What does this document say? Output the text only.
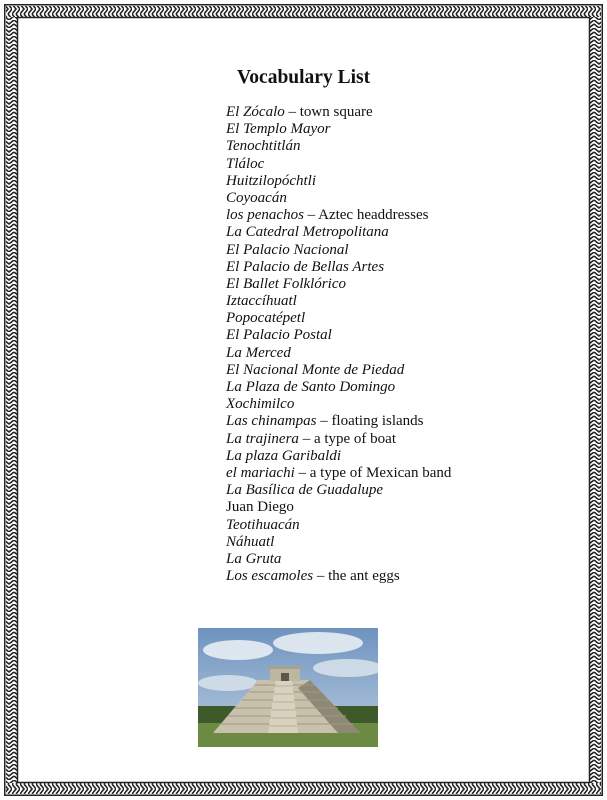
Vocabulary List
El Zócalo – town square
El Templo Mayor
Tenochtitlán
Tláloc
Huitzilopóchtli
Coyoacán
los penachos – Aztec headdresses
La Catedral Metropolitana
El Palacio Nacional
El Palacio de Bellas Artes
El Ballet Folklórico
Iztaccíhuatl
Popocatépetl
El Palacio Postal
La Merced
El Nacional Monte de Piedad
La Plaza de Santo Domingo
Xochimilco
Las chinampas – floating islands
La trajinera – a type of boat
La plaza Garibaldi
el mariachi – a type of Mexican band
La Basílica de Guadalupe
Juan Diego
Teotihuacán
Náhuatl
La Gruta
Los escamoles – the ant eggs
